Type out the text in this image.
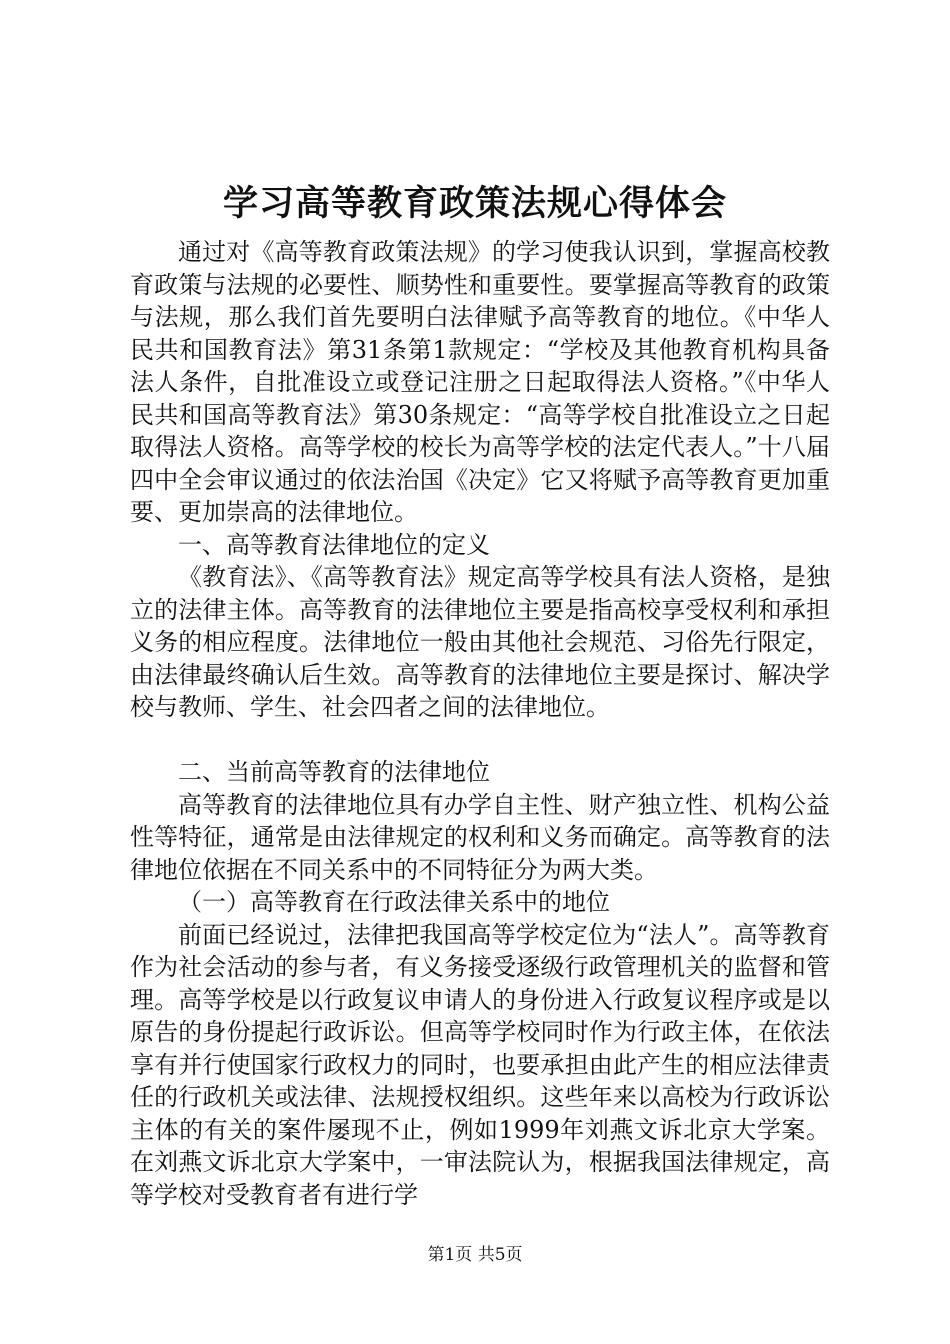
学习高等教育政策法规心得体会

通过对《高等教育政策法规》的学习使我认识到，掌握高校教育政策与法规的必要性、顺势性和重要性。要掌握高等教育的政策与法规，那么我们首先要明白法律赋予高等教育的地位。《中华人民共和国教育法》第31条第1款规定：“学校及其他教育机构具备法人条件，自批准设立或登记注册之日起取得法人资格。”《中华人民共和国高等教育法》第30条规定：“高等学校自批准设立之日起取得法人资格。高等学校的校长为高等学校的法定代表人。”十八届四中全会审议通过的依法治国《决定》它又将赋予高等教育更加重要、更加崇高的法律地位。

一、高等教育法律地位的定义

《教育法》、《高等教育法》规定高等学校具有法人资格，是独立的法律主体。高等教育的法律地位主要是指高校享受权利和承担义务的相应程度。法律地位一般由其他社会规范、习俗先行限定，由法律最终确认后生效。高等教育的法律地位主要是探讨、解决学校与教师、学生、社会四者之间的法律地位。

二、当前高等教育的法律地位

高等教育的法律地位具有办学自主性、财产独立性、机构公益性等特征，通常是由法律规定的权利和义务而确定。高等教育的法律地位依据在不同关系中的不同特征分为两大类。

（一）高等教育在行政法律关系中的地位

前面已经说过，法律把我国高等学校定位为“法人”。高等教育作为社会活动的参与者，有义务接受逐级行政管理机关的监督和管理。高等学校是以行政复议申请人的身份进入行政复议程序或是以原告的身份提起行政诉讼。但高等学校同时作为行政主体，在依法享有并行使国家行政权力的同时，也要承担由此产生的相应法律责任的行政机关或法律、法规授权组织。这些年来以高校为行政诉讼主体的有关的案件屡现不止，例如1999年刘燕文诉北京大学案。在刘燕文诉北京大学案中，一审法院认为，根据我国法律规定，高等学校对受教育者有进行学

第1页 共5页
